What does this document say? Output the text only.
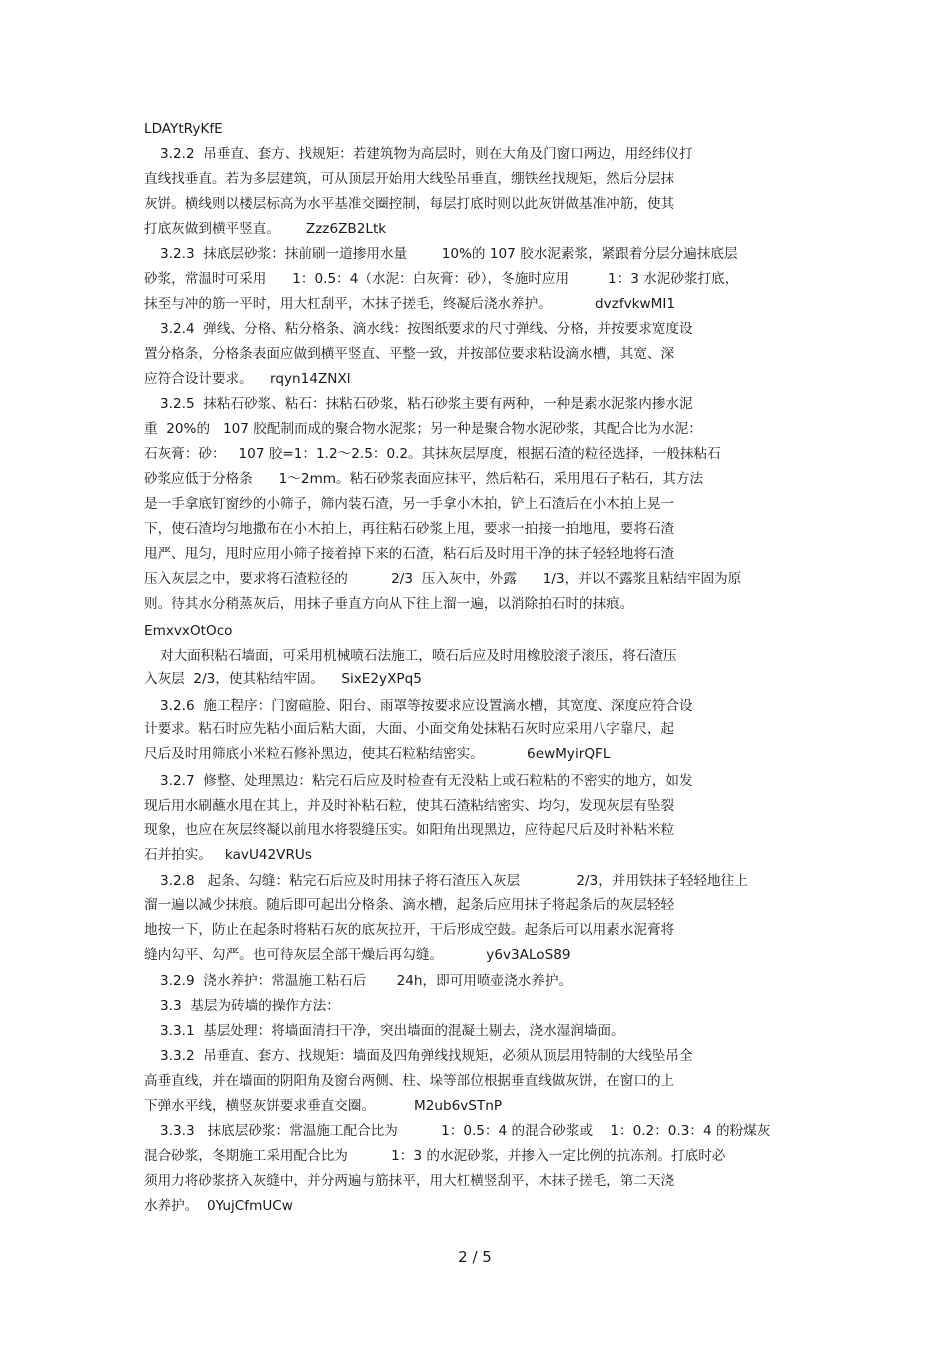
LDAYtRyKfE
3.2.2  吊垂直、套方、找规矩：若建筑物为高层时，则在大角及门窗口两边，用经纬仪打
直线找垂直。若为多层建筑，可从顶层开始用大线坠吊垂直，绷铁丝找规矩，然后分层抹
灰饼。横线则以楼层标高为水平基准交圈控制，每层打底时则以此灰饼做基准冲筋，使其
打底灰做到横平竖直。      Zzz6ZB2Ltk
3.2.3  抹底层砂浆：抹前刷一道掺用水量        10%的 107 胶水泥素浆，紧跟着分层分遍抹底层
砂浆，常温时可采用      1：0.5：4（水泥：白灰膏：砂），冬施时应用         1：3 水泥砂浆打底，
抹至与冲的筋一平时，用大杠刮平，木抹子搓毛，终凝后浇水养护。          dvzfvkwMI1
3.2.4  弹线、分格、粘分格条、滴水线：按图纸要求的尺寸弹线、分格，并按要求宽度设
置分格条，分格条表面应做到横平竖直、平整一致，并按部位要求粘设滴水槽，其宽、深
应符合设计要求。    rqyn14ZNXl
3.2.5  抹粘石砂浆、粘石：抹粘石砂浆，粘石砂浆主要有两种，一种是素水泥浆内掺水泥
重  20%的   107 胶配制而成的聚合物水泥浆；另一种是聚合物水泥砂浆，其配合比为水泥：
石灰膏：砂：   107 胶=1：1.2～2.5：0.2。其抹灰层厚度，根据石渣的粒径选择，一般抹粘石
砂浆应低于分格条      1～2mm。粘石砂浆表面应抹平，然后粘石，采用甩石子粘石，其方法
是一手拿底钉窗纱的小筛子，筛内装石渣，另一手拿小木拍，铲上石渣后在小木拍上晃一
下，使石渣均匀地撒布在小木拍上，再往粘石砂浆上甩，要求一拍接一拍地甩，要将石渣
甩严、甩匀，甩时应用小筛子接着掉下来的石渣，粘石后及时用干净的抹子轻轻地将石渣
压入灰层之中，要求将石渣粒径的          2/3  压入灰中，外露      1/3，并以不露浆且粘结牢固为原
则。待其水分稍蒸灰后，用抹子垂直方向从下往上溜一遍，以消除拍石时的抹痕。
EmxvxOtOco
对大面积粘石墙面，可采用机械喷石法施工，喷石后应及时用橡胶滚子滚压，将石渣压
入灰层  2/3，使其粘结牢固。    SixE2yXPq5
3.2.6  施工程序：门窗碹脸、阳台、雨罩等按要求应设置滴水槽，其宽度、深度应符合设
计要求。粘石时应先粘小面后粘大面，大面、小面交角处抹粘石灰时应采用八字靠尺，起
尺后及时用筛底小米粒石修补黑边，使其石粒粘结密实。          6ewMyirQFL
3.2.7  修整、处理黑边：粘完石后应及时检查有无没粘上或石粒粘的不密实的地方，如发
现后用水刷蘸水甩在其上，并及时补粘石粒，使其石渣粘结密实、均匀，发现灰层有坠裂
现象，也应在灰层终凝以前甩水将裂缝压实。如阳角出现黑边，应待起尺后及时补粘米粒
石并拍实。   kavU42VRUs
3.2.8   起条、勾缝：粘完石后应及时用抹子将石渣压入灰层             2/3，并用铁抹子轻轻地往上
溜一遍以减少抹痕。随后即可起出分格条、滴水槽，起条后应用抹子将起条后的灰层轻轻
地按一下，防止在起条时将粘石灰的底灰拉开，干后形成空鼓。起条后可以用素水泥膏将
缝内勾平、勾严。也可待灰层全部干燥后再勾缝。          y6v3ALoS89
3.2.9  浇水养护：常温施工粘石后       24h，即可用喷壶浇水养护。
3.3  基层为砖墙的操作方法：
3.3.1  基层处理：将墙面清扫干净，突出墙面的混凝土剔去，浇水湿润墙面。
3.3.2  吊垂直、套方、找规矩：墙面及四角弹线找规矩，必须从顶层用特制的大线坠吊全
高垂直线，并在墙面的阴阳角及窗台两侧、柱、垛等部位根据垂直线做灰饼，在窗口的上
下弹水平线，横竖灰饼要求垂直交圈。         M2ub6vSTnP
3.3.3   抹底层砂浆：常温施工配合比为          1：0.5：4 的混合砂浆或    1：0.2：0.3：4 的粉煤灰
混合砂浆，冬期施工采用配合比为          1：3 的水泥砂浆，并掺入一定比例的抗冻剂。打底时必
须用力将砂浆挤入灰缝中，并分两遍与筋抹平，用大杠横竖刮平，木抹子搓毛，第二天浇
水养护。  0YujCfmUCw
2 / 5
